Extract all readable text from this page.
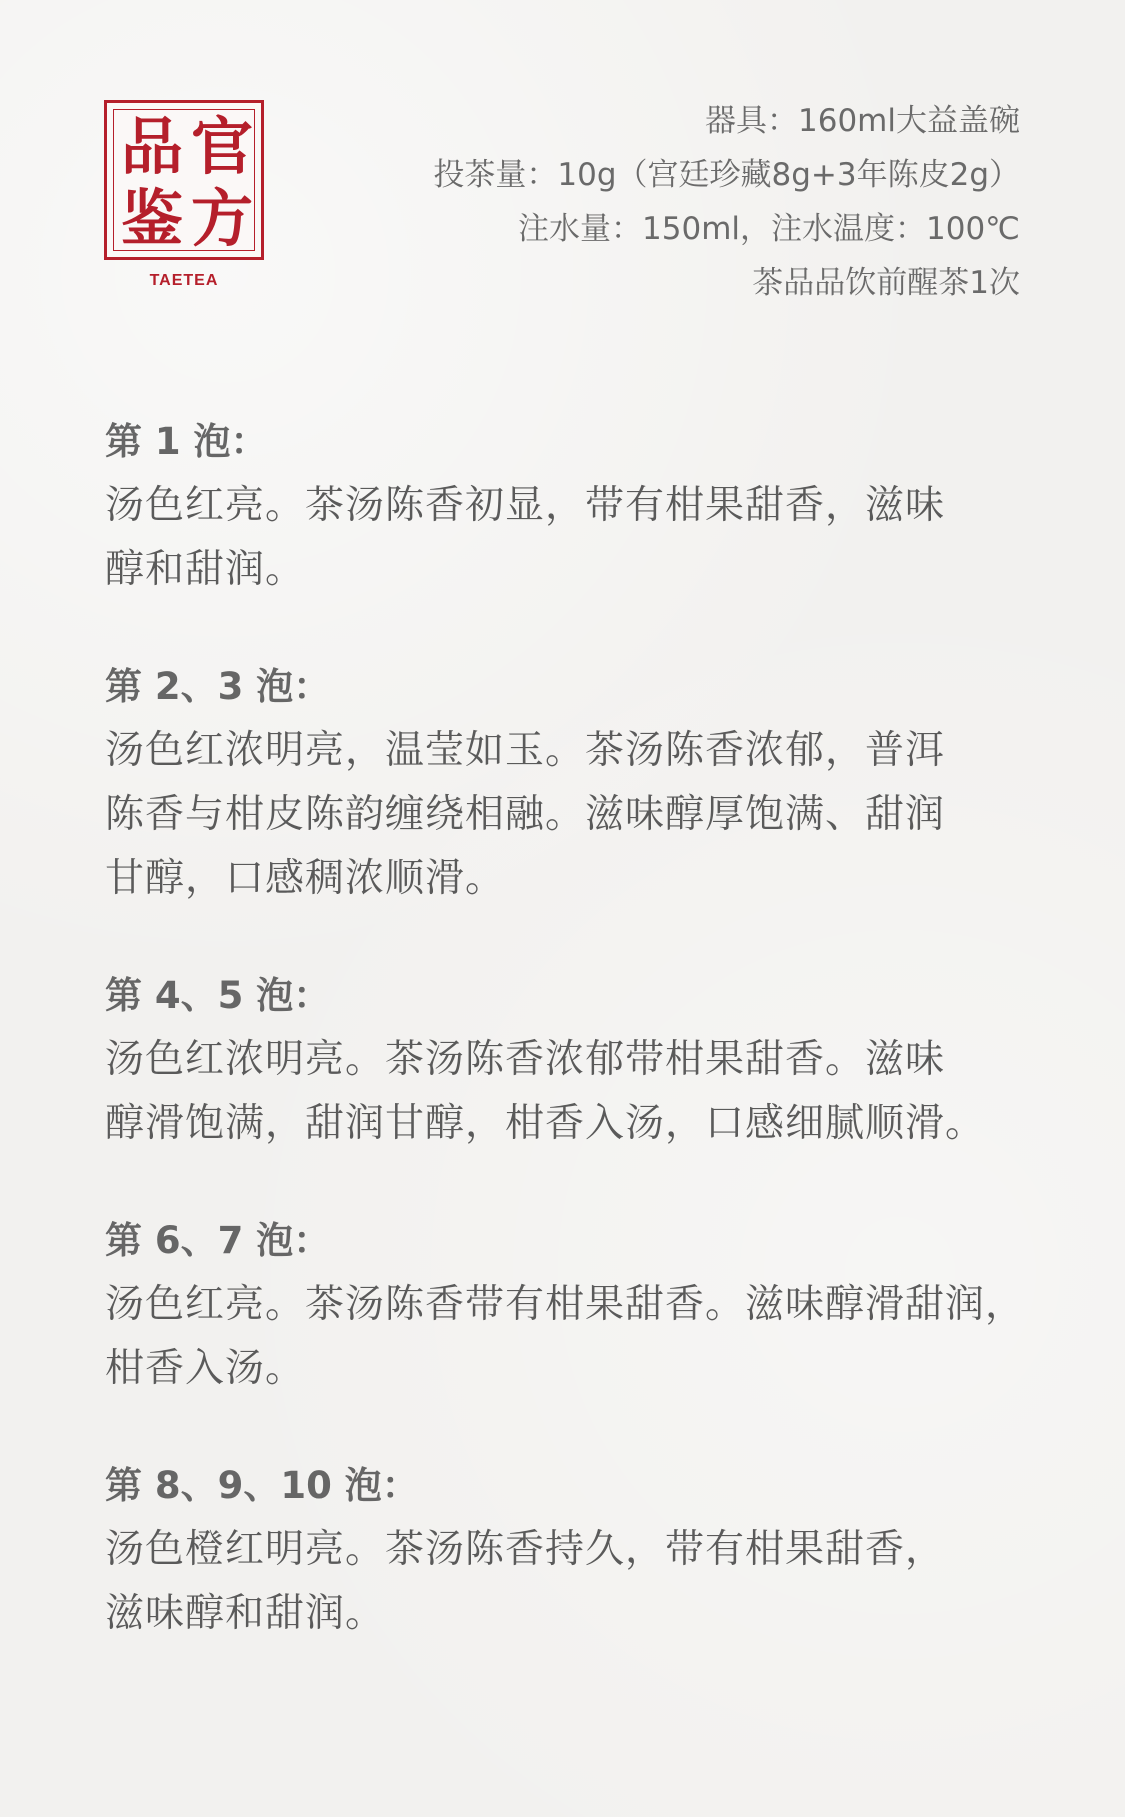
品 官
鉴 方
TAETEA
器具：160ml大益盖碗
投茶量：10g（宫廷珍藏8g+3年陈皮2g）
注水量：150ml，注水温度：100℃
茶品品饮前醒茶1次
第 1 泡：

汤色红亮。茶汤陈香初显，带有柑果甜香，滋味
醇和甜润。

第 2、3 泡：

汤色红浓明亮，温莹如玉。茶汤陈香浓郁，普洱
陈香与柑皮陈韵缠绕相融。滋味醇厚饱满、甜润
甘醇，口感稠浓顺滑。

第 4、5 泡：

汤色红浓明亮。茶汤陈香浓郁带柑果甜香。滋味
醇滑饱满，甜润甘醇，柑香入汤，口感细腻顺滑。

第 6、7 泡：

汤色红亮。茶汤陈香带有柑果甜香。滋味醇滑甜润，
柑香入汤。

第 8、9、10 泡：

汤色橙红明亮。茶汤陈香持久，带有柑果甜香，
滋味醇和甜润。
